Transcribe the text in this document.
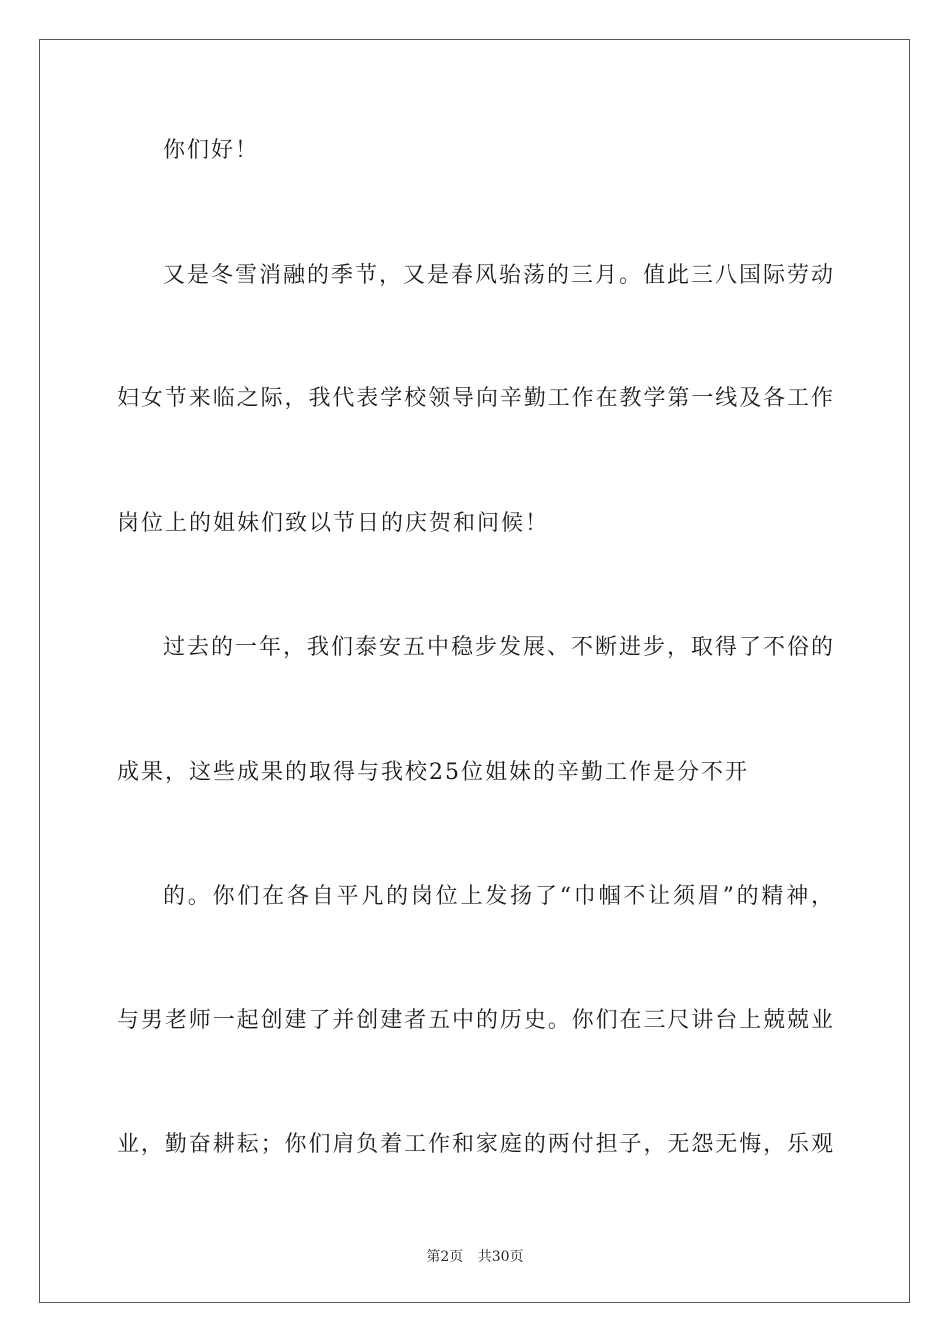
你们好！
又是冬雪消融的季节，又是春风骀荡的三月。值此三八国际劳动
妇女节来临之际，我代表学校领导向辛勤工作在教学第一线及各工作
岗位上的姐妹们致以节日的庆贺和问候！
过去的一年，我们泰安五中稳步发展、不断进步，取得了不俗的
成果，这些成果的取得与我校25位姐妹的辛勤工作是分不开
的。你们在各自平凡的岗位上发扬了“巾帼不让须眉”的精神，
与男老师一起创建了并创建者五中的历史。你们在三尺讲台上兢兢业
业，勤奋耕耘；你们肩负着工作和家庭的两付担子，无怨无悔，乐观
第2页 共30页
